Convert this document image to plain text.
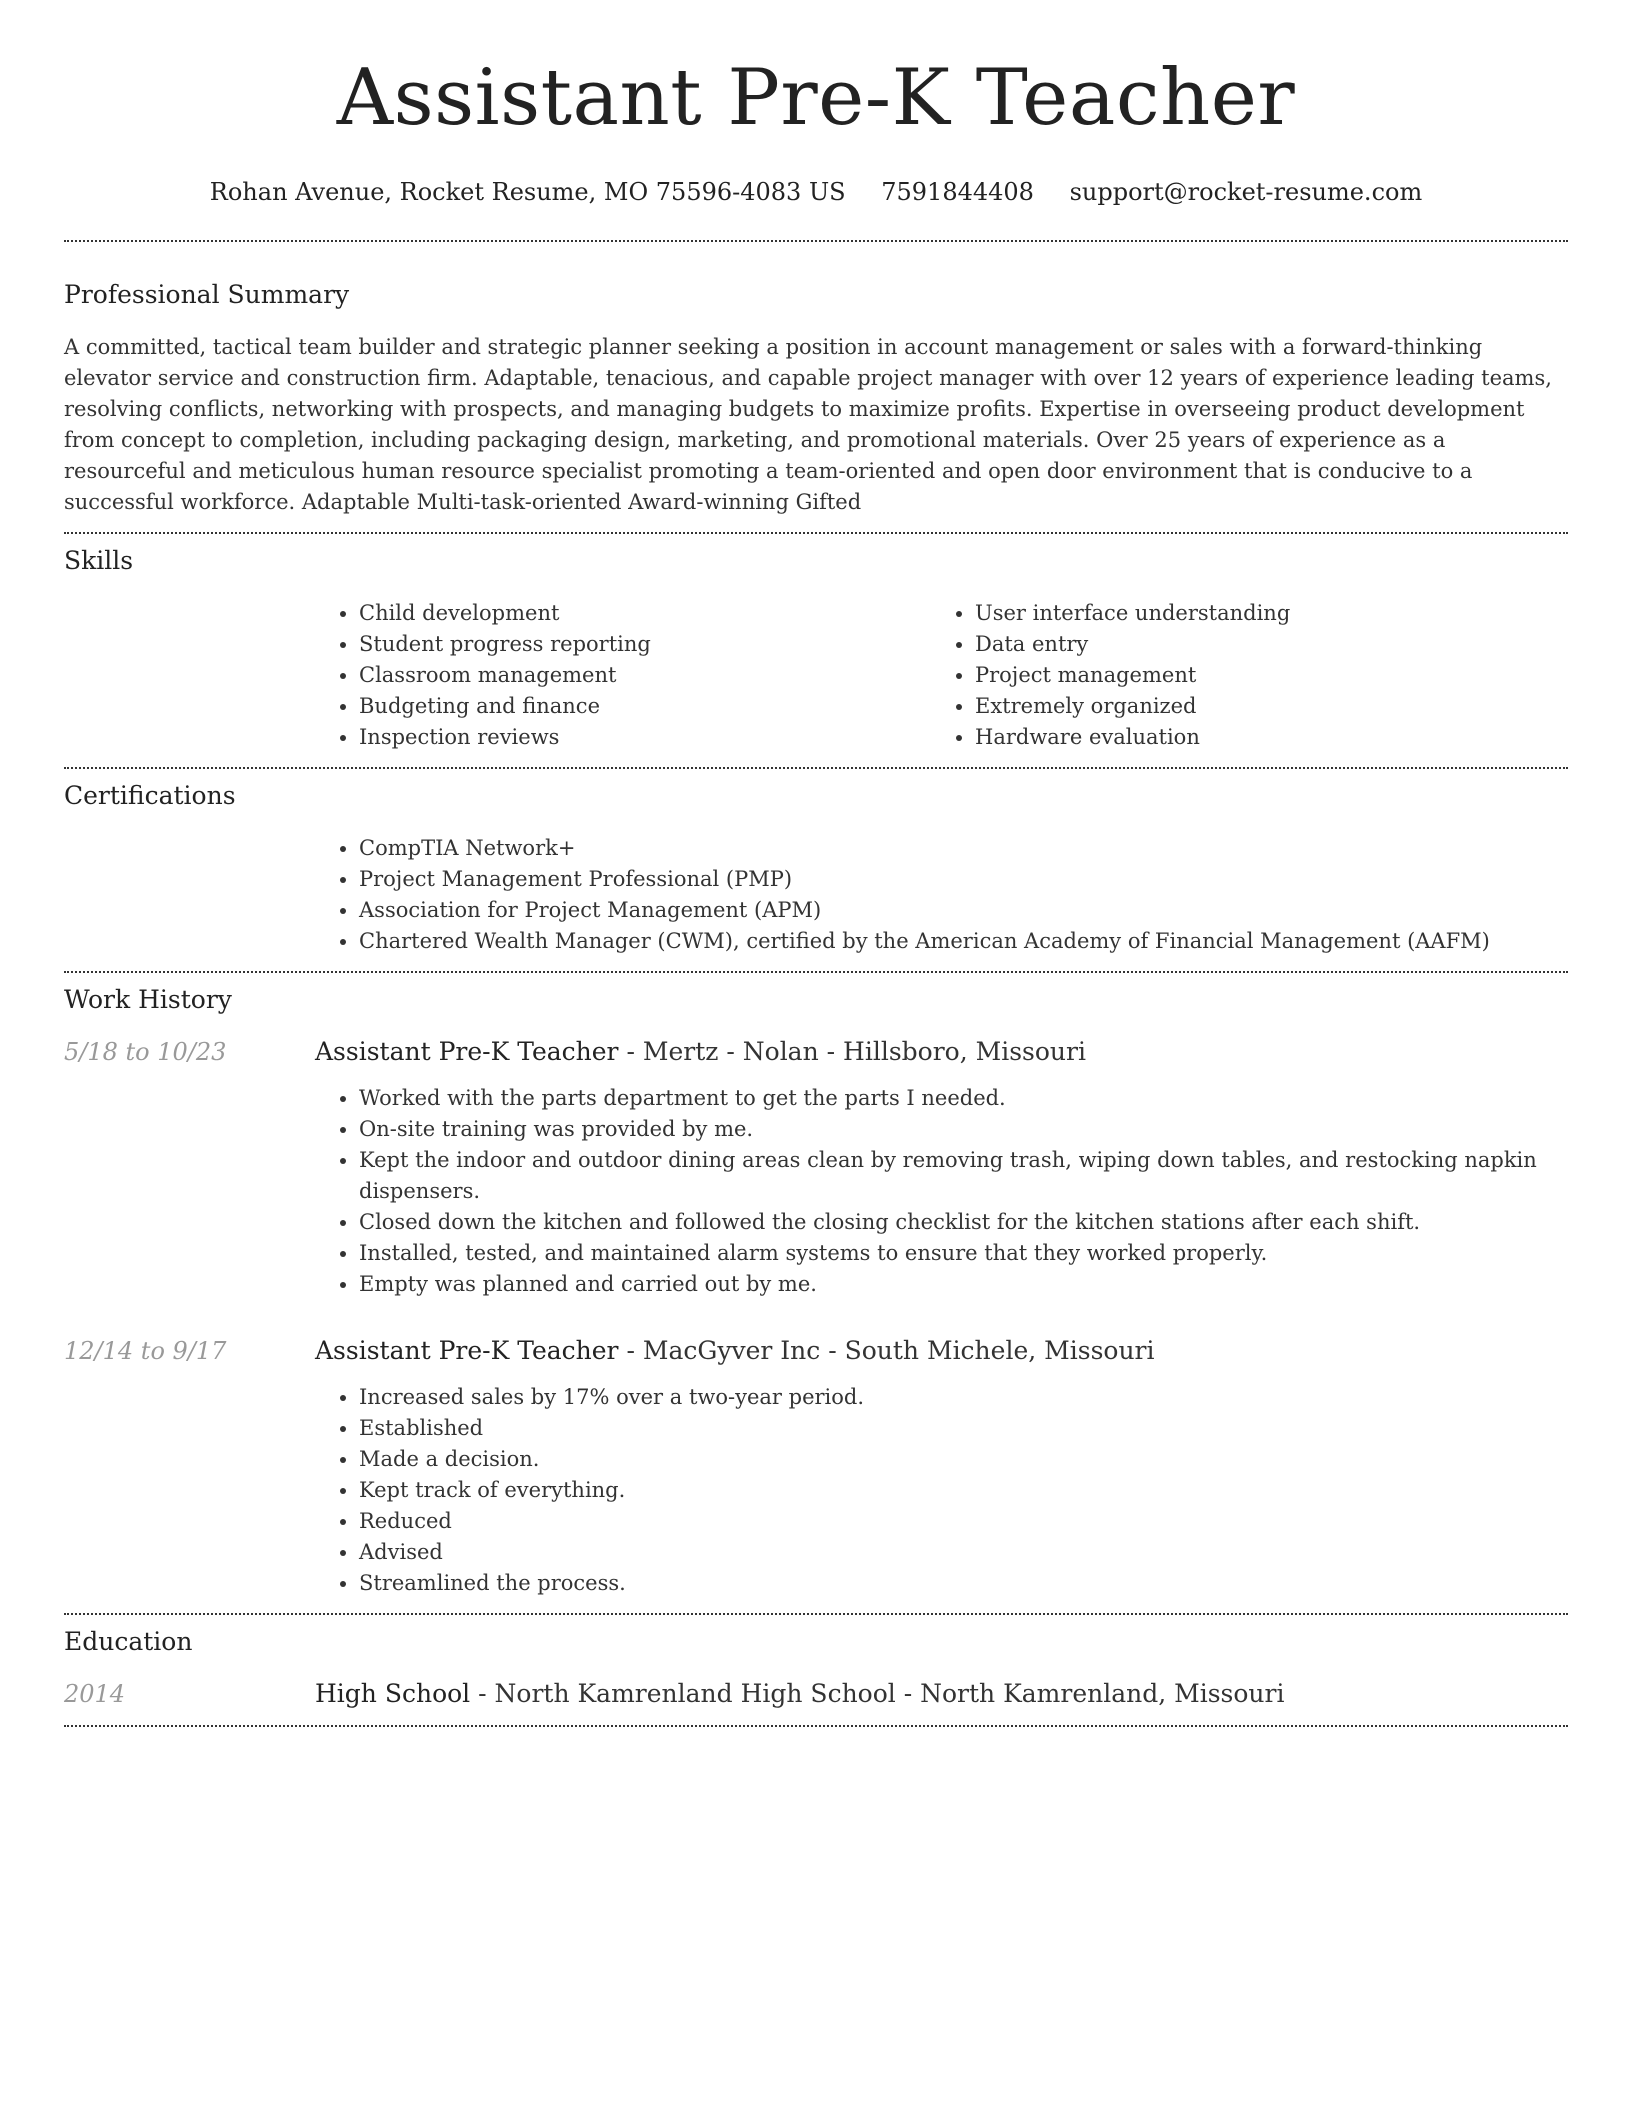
Assistant Pre-K Teacher
Rohan Avenue, Rocket Resume, MO 75596-4083 US 7591844408 support@rocket-resume.com
Professional Summary

A committed, tactical team builder and strategic planner seeking a position in account management or sales with a forward-thinking elevator service and construction firm. Adaptable, tenacious, and capable project manager with over 12 years of experience leading teams, resolving conflicts, networking with prospects, and managing budgets to maximize profits. Expertise in overseeing product development from concept to completion, including packaging design, marketing, and promotional materials. Over 25 years of experience as a resourceful and meticulous human resource specialist promoting a team-oriented and open door environment that is conducive to a successful workforce. Adaptable Multi-task-oriented Award-winning Gifted

Skills
• Child development
• Student progress reporting
• Classroom management
• Budgeting and finance
• Inspection reviews
• User interface understanding
• Data entry
• Project management
• Extremely organized
• Hardware evaluation
Certifications
• CompTIA Network+
• Project Management Professional (PMP)
• Association for Project Management (APM)
• Chartered Wealth Manager (CWM), certified by the American Academy of Financial Management (AAFM)
Work History
5/18 to 10/23	Assistant Pre-K Teacher - Mertz - Nolan - Hillsboro, Missouri
• Worked with the parts department to get the parts I needed.
• On-site training was provided by me.
• Kept the indoor and outdoor dining areas clean by removing trash, wiping down tables, and restocking napkin dispensers.
• Closed down the kitchen and followed the closing checklist for the kitchen stations after each shift.
• Installed, tested, and maintained alarm systems to ensure that they worked properly.
• Empty was planned and carried out by me.
12/14 to 9/17	Assistant Pre-K Teacher - MacGyver Inc - South Michele, Missouri
• Increased sales by 17% over a two-year period.
• Established
• Made a decision.
• Kept track of everything.
• Reduced
• Advised
• Streamlined the process.
Education
2014	High School - North Kamrenland High School - North Kamrenland, Missouri
